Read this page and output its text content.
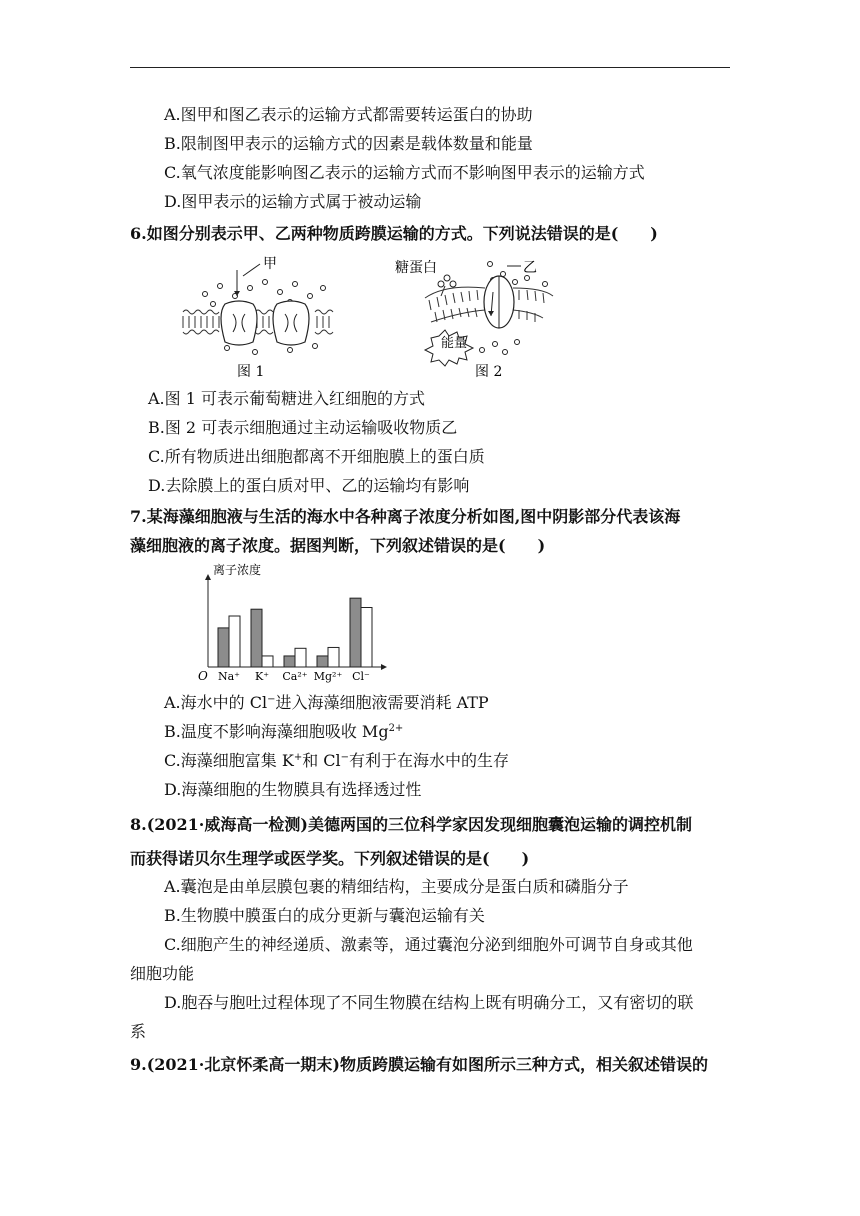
A.图甲和图乙表示的运输方式都需要转运蛋白的协助
B.限制图甲表示的运输方式的因素是载体数量和能量
C.氧气浓度能影响图乙表示的运输方式而不影响图甲表示的运输方式
D.图甲表示的运输方式属于被动运输
6.如图分别表示甲、乙两种物质跨膜运输的方式。下列说法错误的是(　　)
甲
图 1
糖蛋白	乙
能量
图 2
A.图 1 可表示葡萄糖进入红细胞的方式
B.图 2 可表示细胞通过主动运输吸收物质乙
C.所有物质进出细胞都离不开细胞膜上的蛋白质
D.去除膜上的蛋白质对甲、乙的运输均有影响
7.某海藻细胞液与生活的海水中各种离子浓度分析如图,图中阴影部分代表该海
藻细胞液的离子浓度。据图判断，下列叙述错误的是(　　)
离子浓度
O Na⁺ K⁺ Ca²⁺ Mg²⁺ Cl⁻
A.海水中的 Cl−进入海藻细胞液需要消耗 ATP
B.温度不影响海藻细胞吸收 $Mg^{2+}$
C.海藻细胞富集 K+和 Cl−有利于在海水中的生存
D.海藻细胞的生物膜具有选择透过性
8.(2021·威海高一检测)美德两国的三位科学家因发现细胞囊泡运输的调控机制
而获得诺贝尔生理学或医学奖。下列叙述错误的是(　　)
A.囊泡是由单层膜包裹的精细结构，主要成分是蛋白质和磷脂分子
B.生物膜中膜蛋白的成分更新与囊泡运输有关
C.细胞产生的神经递质、激素等，通过囊泡分泌到细胞外可调节自身或其他
细胞功能
D.胞吞与胞吐过程体现了不同生物膜在结构上既有明确分工，又有密切的联
系
9.(2021·北京怀柔高一期末)物质跨膜运输有如图所示三种方式，相关叙述错误的
